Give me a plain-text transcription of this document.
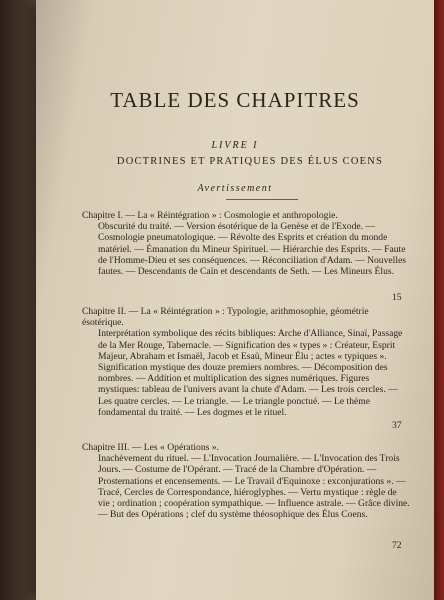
TABLE DES CHAPITRES
LIVRE I
DOCTRINES ET PRATIQUES DES ÉLUS COENS
Avertissement
Chapitre I. — La « Réintégration » : Cosmologie et anthropologie.
Obscurité du traité. — Version ésotérique de la Genèse et de l'Exode. — Cosmologie pneumatologique. — Révolte des Esprits et création du monde matériel. — Émanation du Mineur Spirituel. — Hiérarchie des Esprits. — Faute de l'Homme-Dieu et ses conséquences. — Réconciliation d'Adam. — Nouvelles fautes. — Descendants de Caïn et descendants de Seth. — Les Mineurs Élus.
15
Chapitre II. — La « Réintégration » : Typologie, arithmosophie, géométrie ésotérique.
Interprétation symbolique des récits bibliques: Arche d'Alliance, Sinaï, Passage de la Mer Rouge, Tabernacle. — Signification des « types » : Créateur, Esprit Majeur, Abraham et Ismaël, Jacob et Esaü, Mineur Élu ; actes « typiques ». Signification mystique des douze premiers nombres. — Décomposition des nombres. — Addition et multiplication des signes numériques. Figures mystiques: tableau de l'univers avant la chute d'Adam. — Les trois cercles. — Les quatre cercles. — Le triangle. — Le triangle ponctué. — Le thème fondamental du traité. — Les dogmes et le rituel.
37
Chapitre III. — Les « Opérations ».
Inachèvement du rituel. — L'Invocation Journalière. — L'Invocation des Trois Jours. — Costume de l'Opérant. — Tracé de la Chambre d'Opération. — Prosternations et encensements. — Le Travail d'Equinoxe : exconjurations ». — Tracé, Cercles de Correspondance, hiéroglyphes. — Vertu mystique : règle de vie ; ordination ; coopération sympathique. — Influence astrale. — Grâce divine. — But des Opérations ; clef du système théosophique des Élus Coens.
72
